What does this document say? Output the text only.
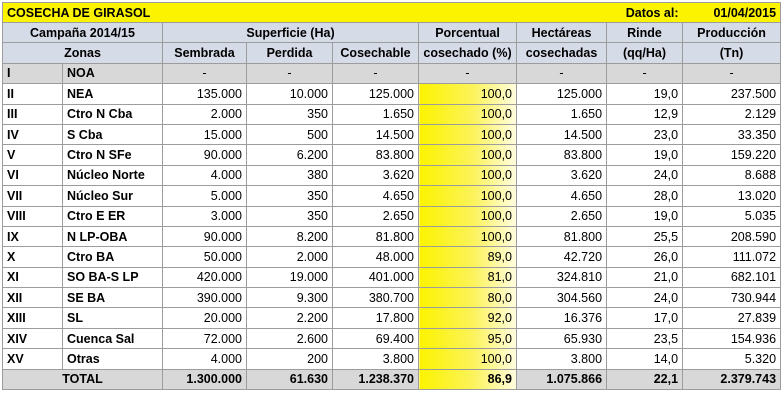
COSECHA DE GIRASOL							Datos al:	01/04/2015
Campaña 2014/15		Superficie (Ha)			Porcentual	Hectáreas	Rinde	Producción
Zonas		Sembrada	Perdida	Cosechable	cosechado (%)	cosechadas	(qq/Ha)	(Tn)
I	NOA	-	-	-	-	-	-	-
II	NEA	135.000	10.000	125.000	100,0	125.000	19,0	237.500
III	Ctro N Cba	2.000	350	1.650	100,0	1.650	12,9	2.129
IV	S Cba	15.000	500	14.500	100,0	14.500	23,0	33.350
V	Ctro N SFe	90.000	6.200	83.800	100,0	83.800	19,0	159.220
VI	Núcleo Norte	4.000	380	3.620	100,0	3.620	24,0	8.688
VII	Núcleo Sur	5.000	350	4.650	100,0	4.650	28,0	13.020
VIII	Ctro E ER	3.000	350	2.650	100,0	2.650	19,0	5.035
IX	N LP-OBA	90.000	8.200	81.800	100,0	81.800	25,5	208.590
X	Ctro BA	50.000	2.000	48.000	89,0	42.720	26,0	111.072
XI	SO BA-S LP	420.000	19.000	401.000	81,0	324.810	21,0	682.101
XII	SE BA	390.000	9.300	380.700	80,0	304.560	24,0	730.944
XIII	SL	20.000	2.200	17.800	92,0	16.376	17,0	27.839
XIV	Cuenca Sal	72.000	2.600	69.400	95,0	65.930	23,5	154.936
XV	Otras	4.000	200	3.800	100,0	3.800	14,0	5.320
TOTAL		1.300.000	61.630	1.238.370	86,9	1.075.866	22,1	2.379.743
